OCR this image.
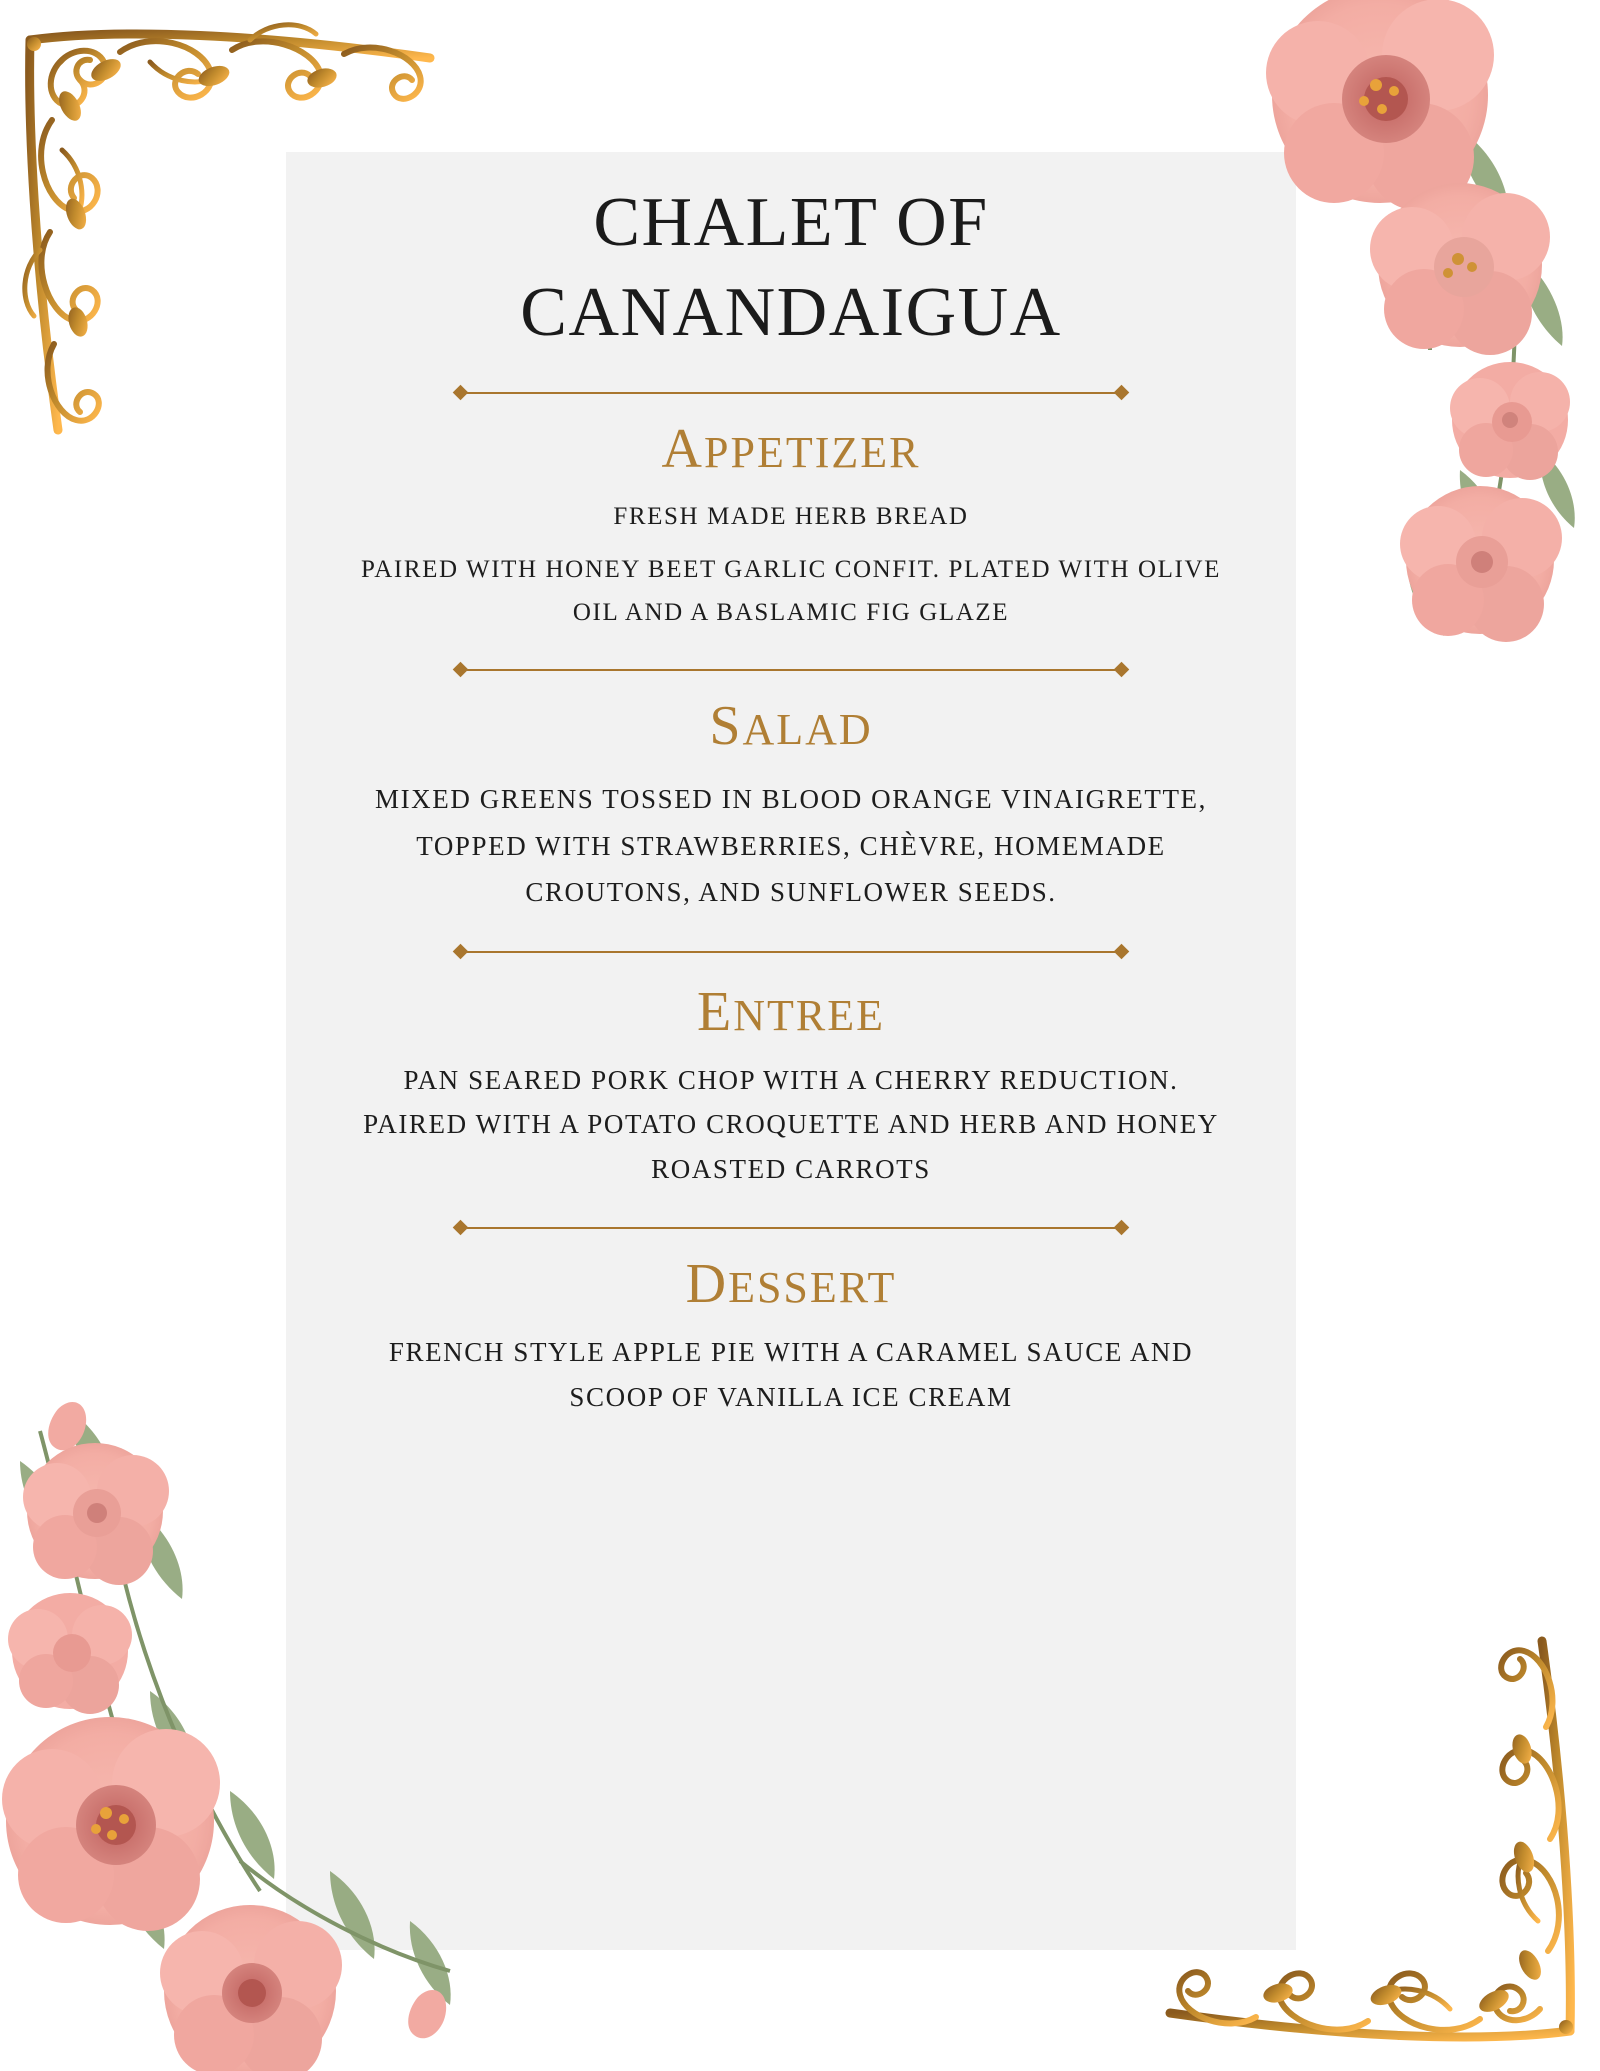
CHALET OF
CANANDAIGUA
APPETIZER

FRESH MADE HERB BREAD

PAIRED WITH HONEY BEET GARLIC CONFIT. PLATED WITH OLIVE OIL AND A BASLAMIC FIG GLAZE

SALAD

MIXED GREENS TOSSED IN BLOOD ORANGE VINAIGRETTE, TOPPED WITH STRAWBERRIES, CHÈVRE, HOMEMADE CROUTONS, AND SUNFLOWER SEEDS.

ENTREE

PAN SEARED PORK CHOP WITH A CHERRY REDUCTION. PAIRED WITH A POTATO CROQUETTE AND HERB AND HONEY ROASTED CARROTS

DESSERT

FRENCH STYLE APPLE PIE WITH A CARAMEL SAUCE AND SCOOP OF VANILLA ICE CREAM
